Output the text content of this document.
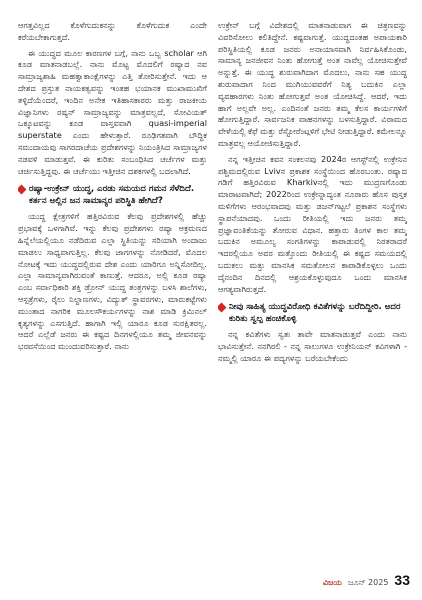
ಆಗತ್ತವಿಲ್ಲದ ಕೊಳೆಗುದುಕನನ್ನು ಕೊಳೆಗುದುಕ ಎಂದೇ ಕರೆಯಬೇಕಾಗುತ್ತದೆ.

ಈ ಯುದ್ಧದ ಮೂಲ ಕಾರಣಗಳ ಬಗ್ಗೆ, ನಾನು ಒಬ್ಬ scholar ಆಗಿ ಕೂಡ ಮಾತನಾಡಬಲ್ಲೆ. ನಾನು ಮೊಟ್ಟ ಮೊದಲಿಗೆ ರಷ್ಯಾದ ನವ ಸಾಮ್ರಾಜ್ಯಶಾಹಿ ಮಹತ್ವಾಕಾಂಕ್ಷೆಗಳನ್ನು ಎತ್ತಿ ತೋರಿಸುತ್ತೇನೆ. ಇದು ಆ ದೇಶದ ಪ್ರಸ್ತುತ ನಾಯಕತ್ವವನ್ನು ಇಂತಹ ಭಯಾನಕ ಮುಖಾಮುಖಿಗೆ ತಳ್ಳಿದೆಯೆಂದರೆ, ಇಂದಿನ ಅನೇಕ ಇತಿಹಾಸಕಾರರು ಮತ್ತು ರಾಜಕೀಯ ವಿಜ್ಞಾನಿಗಳು ರಷ್ಯನ್ ಸಾಮ್ರಾಜ್ಯವನ್ನು ಮಾತ್ರವಲ್ಲದೆ, ಸೋವಿಯತ್ ಒಕ್ಕೂಟವನ್ನು ಕೂಡ ವಾಸ್ತವವಾಗಿ quasi-imperial superstate ಎಂದು ಹೇಳುತ್ತಾರೆ. ರೂಢಿಗತವಾಗಿ ಬೌದ್ಧಿಕ ಸಮುದಾಯವು ಸಾಗರದಾಚೆಯ ಪ್ರದೇಶಗಳನ್ನು ನಿಯಂತ್ರಿಸಿದ ಸಾಮ್ರಾಜ್ಯಗಳ ನಡವಳಿ ಮಾಡುತ್ತವೆ. ಈ ಕುರಿತು ಸಂಬಂಧಿಸಿದ ಚರ್ಚೆಗಳ ಮತ್ತು ಚರ್ಚಿಸುತ್ತಿದ್ದವು. ಈ ಚರ್ಚೆಯು ಇತ್ತೀಚಿನ ದಶಕಗಳಲ್ಲಿ ಬದಲಾಗಿದೆ.

ರಷ್ಯಾ-ಉಕ್ರೇನ್ ಯುದ್ಧ, ಎರಡು ಸಮಯದ ಗಮನ ಸೆಳೆದಿದೆ. ಕರ್ತನ ಅಲ್ಲಿನ ಜನ ಸಾಮಾನ್ಯರ ಪರಿಸ್ಥಿತಿ ಹೇಗಿದೆ?

ಯುದ್ಧ ಕ್ಷೇತ್ರಗಳಿಗೆ ಹತ್ತಿರವಿರುವ ಕೆಲವು ಪ್ರದೇಶಗಳಲ್ಲಿ ಹೆಚ್ಚು ಪ್ರಭಾವಕ್ಕೆ ಒಳಗಾಗಿವೆ. ಇನ್ನು ಕೆಲವು ಪ್ರದೇಶಗಳು ರಷ್ಯಾ ಆಕ್ರಮಣದ ಹಿನ್ನೆಲೆಯಲ್ಲಿಯೂ ನಡೆದಿರುವ ಎಲ್ಲಾ ಸ್ಥಿತಿಯನ್ನು ಸರಿಯಾಗಿ ಅಂದಾಜು ಮಾಡಲು ಸಾಧ್ಯವಾಗುತ್ತಿಲ್ಲ. ಕೆಲವು ಜಾಗಗಳನ್ನು ನೋಡಿದರೆ, ಮೊದಲ ನೋಟಕ್ಕೆ ಇದು ಯುದ್ಧದಲ್ಲಿರುವ ದೇಶ ಎಂದು ಯಾರಿಗೂ ಅನ್ನಿಸೋದಿಲ್ಲ. ಎಲ್ಲಾ ಸಾಮಾನ್ಯವಾಗಿರುವಂತೆ ಕಾಣುತ್ತೆ. ಆದರೂ, ಅಲ್ಲಿ ಕೂಡ ರಷ್ಯಾ ಎಂಬ ಸರ್ವಾಧಿಕಾರಿ ಶಕ್ತಿ ಡ್ರೋನ್ ಯುದ್ಧ ತಂತ್ರಗಳನ್ನು ಬಳಸಿ ಶಾಲೆಗಳು, ಆಸ್ಪತ್ರೆಗಳು, ರೈಲು ನಿಲ್ದಾಣಗಳು, ವಿದ್ಯುತ್ ಸ್ಥಾವರಗಳು, ಮಾರುಕಟ್ಟೆಗಳು ಮುಂತಾದ ನಾಗರಿಕ ಮೂಲಸೌಕರ್ಯಗಳನ್ನು ನಾಶ ಮಾಡಿ ಕ್ರಿಮಿನಲ್ ಕೃತ್ಯಗಳನ್ನು ಎಸಗುತ್ತಿದೆ. ಹಾಗಾಗಿ ಇಲ್ಲಿ ಯಾರೂ ಕೂಡ ಸುರಕ್ಷಿತರಲ್ಲ. ಆದರೆ ಎಲ್ಲೆಡೆ ಜನರು ಈ ಕಷ್ಟದ ದಿನಗಳಲ್ಲಿಯೂ ತಮ್ಮ ಜೀವನವನ್ನು ಭರವಸೆಯಿಂದ ಮುಂದುವರಿಸುತ್ತಾರೆ. ನಾನು

ಉಕ್ರೇನ್ ಬಗ್ಗೆ ವಿದೇಶದಲ್ಲಿ ಮಾತನಾಡುವಾಗ ಈ ಚಿತ್ರಣವನ್ನು ವಿವರಿಸೋಲು ಕಲಿತಿದ್ದೇನೆ. ಕಷ್ಟವಾಗುತ್ತೆ. ಯುದ್ಧದಂತಹ ಅಪಾಯಕಾರಿ ಪರಿಸ್ಥಿತಿಯಲ್ಲಿ ಕೂಡ ಜನರು ಅನಾಯಾಸವಾಗಿ ನಿರ್ವಹಿಸಿಕೊಂಡು, ಸಾಮಾನ್ಯ ಜನಜೀವನ ನಿಂತು ಹೋಗುತ್ತೆ ಅಂತ ನಾವೆಲ್ಲ ಯೋಚಿಸುತ್ತೇವೆ ಅನ್ನುತ್ತೆ. ಈ ಯುದ್ಧ ಶುರುವಾಗಿದಾಗ ಮೊದಲು, ನಾನು ಸಹ ಯುದ್ಧ ಶುರುವಾದಾಗ ನಿಂದ ಮುಗಿಯುವವರೆಗೆ ನಿತ್ಯ ಬದುಕಿನ ಎಲ್ಲಾ ವ್ಯವಹಾರಗಳು ನಿಂತು ಹೋಗುತ್ತವೆ ಅಂತ ಯೋಚಿಸಿದ್ದೆ. ಆದರೆ, ಇದು ಹಾಗೆ ಅಲ್ಲವೇ ಅಲ್ಲ. ಎಂದಿನಂತೆ ಜನರು ತಮ್ಮ ಕೆಲಸ ಕಾರ್ಯಗಳಿಗೆ ಹೋಗುತ್ತಿದ್ದಾರೆ. ಸಾರ್ವಜನಿಕ ವಾಹನಗಳನ್ನು ಬಳಸುತ್ತಿದ್ದಾರೆ. ವಿರಾಮದ ವೇಳೆಯಲ್ಲಿ ಕೆಫೆ ಮತ್ತು ರೆಸ್ಟೋರೆಂಟ್ಗಳಿಗೆ ಭೇಟಿ ನೀಡುತ್ತಿದ್ದಾರೆ. ಕಮೇಲನ್ನೂ ಮಾತ್ರವಲ್ಲ ಆಯೋಜಿಸುತ್ತಿದ್ದಾರೆ.

ನನ್ನ ಇತ್ತೀಚಿನ ಕವನ ಸಂಕಲನವು 2024ರ ಆಗಸ್ಟ್‌ನಲ್ಲಿ ಉಕ್ರೇನಿನ ಪಶ್ಚಿಮದಲ್ಲಿರುವ Lvivನ ಪ್ರಕಾಶಕ ಸಂಸ್ಥೆಯಿಂದ ಹೊರಬಂತು. ರಷ್ಯಾದ ಗಡಿಗೆ ಹತ್ತಿರವಿರುವ Kharkivನಲ್ಲಿ ಇದು ಮುದ್ರಣಗೊಂಡು ಮಾರಾಟವಾಗಿದೆ; 2022ರಿಂದ ಉಕ್ರೇನ್ನಾದ್ಯಂತ ನೂರಾರು ಹೊಸ ಪುಸ್ತಕ ಮಳಿಗೆಗಳು ಆರಂಭವಾದವು ಮತ್ತು ಡಜನ್‌ಗಟ್ಟಲೆ ಪ್ರಕಾಶನ ಸಂಸ್ಥೆಗಳು ಸ್ಥಾಪನೆಯಾದವು. ಒಂದು ರೀತಿಯಲ್ಲಿ ಇದು ಜನರು ತಮ್ಮ ಪ್ರಜ್ಞಾವಂತಿಕೆಯನ್ನು ತೋರುವ ವಿಧಾನ. ಹತ್ತಾರು ತಿಂಗಳ ಕಾಲ ತಮ್ಮ ಬದುಕಿನ ಅಮೂಲ್ಯ ಸಂಗತಿಗಳನ್ನು ಕಾಪಾಡುವಲ್ಲಿ ನಿರತರಾದರೆ ಇದರಲ್ಲಿಯೂ ಅವರ ಮತ್ತೊಂದು ರೀತಿಯಲ್ಲಿ ಈ ಕಷ್ಟದ ಸಮಯದಲ್ಲಿ ಬದುಕಲು ಮತ್ತು ಮಾನಸಿಕ ಸಮತೋಲನ ಕಾಪಾಡಿಕೊಳ್ಳಲು ಒಂದು ದೈನಂದಿನ ದಿನದಲ್ಲಿ ಆಶ್ರಯಕೊಳ್ಳುವುದೂ ಒಂದು ಮಾನಸಿಕ ಆಗತ್ಯವಾಗಿರುತ್ತದೆ.

ನೀವು ಸಾಹಿತ್ಯ ಯುದ್ಧವಿರೋಧಿ ಕವಿತೆಗಳನ್ನು ಬರೆದಿದ್ದೀರಿ. ಅದರ ಕುರಿತು ಸ್ವಲ್ಪ ಹಂಚಿಕೊಳ್ಳಿ

ನನ್ನ ಕವಿತೆಗಳು ಸ್ವತಃ ತಾವೇ ಮಾತನಾಡುತ್ತವೆ ಎಂದು ನಾನು ಭಾವಿಸುತ್ತೇನೆ. ನನಗಿರಲಿ - ನನ್ನ ಸಾಲುಗಳೂ ಉಕ್ರೇನಿಯನ್ ಕವಿಗಳಾಗಿ - ನಮ್ಮಲ್ಲಿ ಯಾರೂ ಈ ಪದ್ಯಗಳನ್ನು ಬರೆಯಬೇಕೆಂದು

ವಿಜಯ ಜೂನ್ 2025 33
